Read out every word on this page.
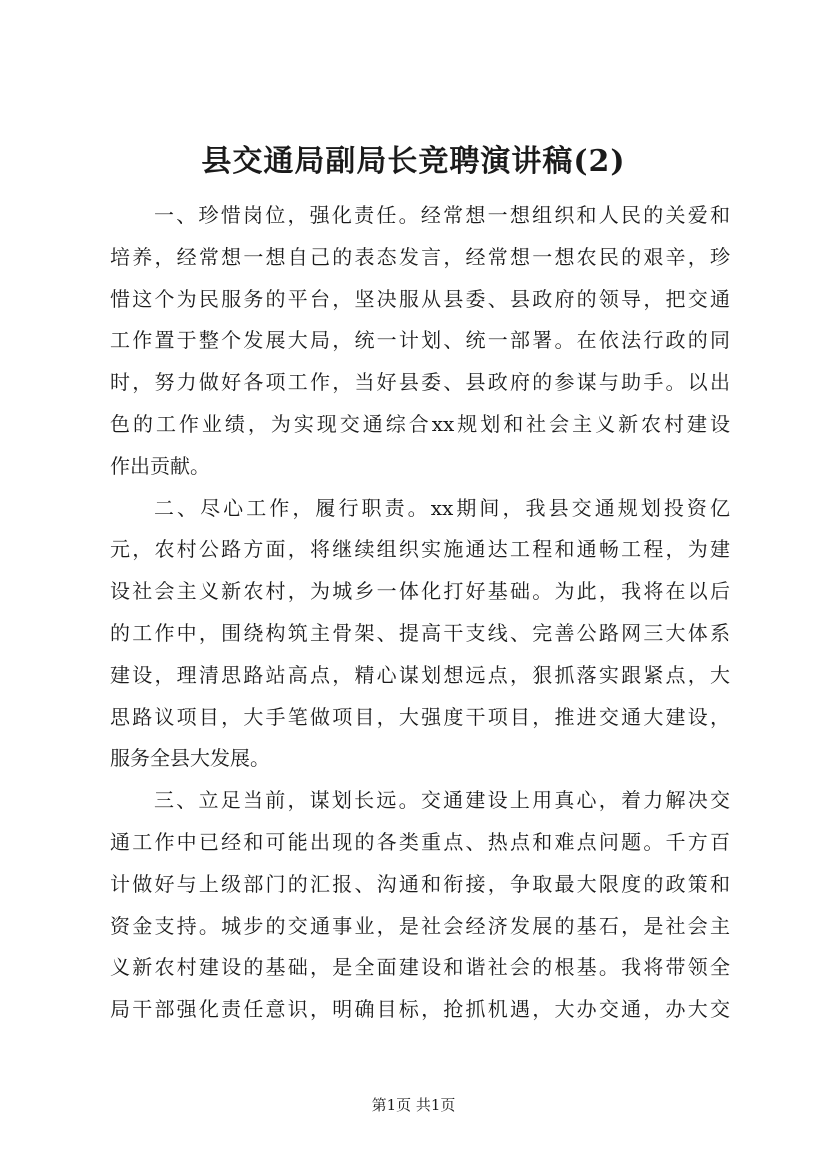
县交通局副局长竞聘演讲稿(2)
一、珍惜岗位，强化责任。经常想一想组织和人民的关爱和
培养，经常想一想自己的表态发言，经常想一想农民的艰辛，珍
惜这个为民服务的平台，坚决服从县委、县政府的领导，把交通
工作置于整个发展大局，统一计划、统一部署。在依法行政的同
时，努力做好各项工作，当好县委、县政府的参谋与助手。以出
色的工作业绩，为实现交通综合xx规划和社会主义新农村建设
作出贡献。
二、尽心工作，履行职责。xx期间，我县交通规划投资亿
元，农村公路方面，将继续组织实施通达工程和通畅工程，为建
设社会主义新农村，为城乡一体化打好基础。为此，我将在以后
的工作中，围绕构筑主骨架、提高干支线、完善公路网三大体系
建设，理清思路站高点，精心谋划想远点，狠抓落实跟紧点，大
思路议项目，大手笔做项目，大强度干项目，推进交通大建设，
服务全县大发展。
三、立足当前，谋划长远。交通建设上用真心，着力解决交
通工作中已经和可能出现的各类重点、热点和难点问题。千方百
计做好与上级部门的汇报、沟通和衔接，争取最大限度的政策和
资金支持。城步的交通事业，是社会经济发展的基石，是社会主
义新农村建设的基础，是全面建设和谐社会的根基。我将带领全
局干部强化责任意识，明确目标，抢抓机遇，大办交通，办大交
第1页 共1页
